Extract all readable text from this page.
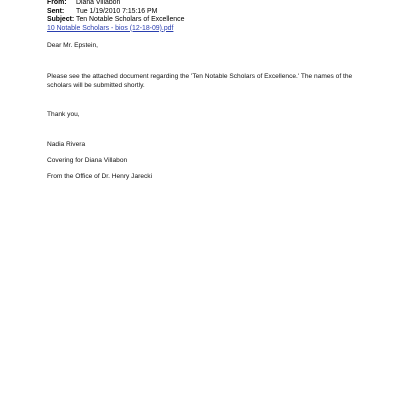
From:	Diana Villabon
Sent:	Tue 1/19/2010 7:15:16 PM
Subject: Ten Notable Scholars of Excellence
10 Notable Scholars - bios (12-18-09).pdf

Dear Mr. Epstein,

Please see the attached document regarding the 'Ten Notable Scholars of Excellence.' The names of the scholars will be submitted shortly.

Thank you,

Nadia Rivera

Covering for Diana Villabon

From the Office of Dr. Henry Jarecki
